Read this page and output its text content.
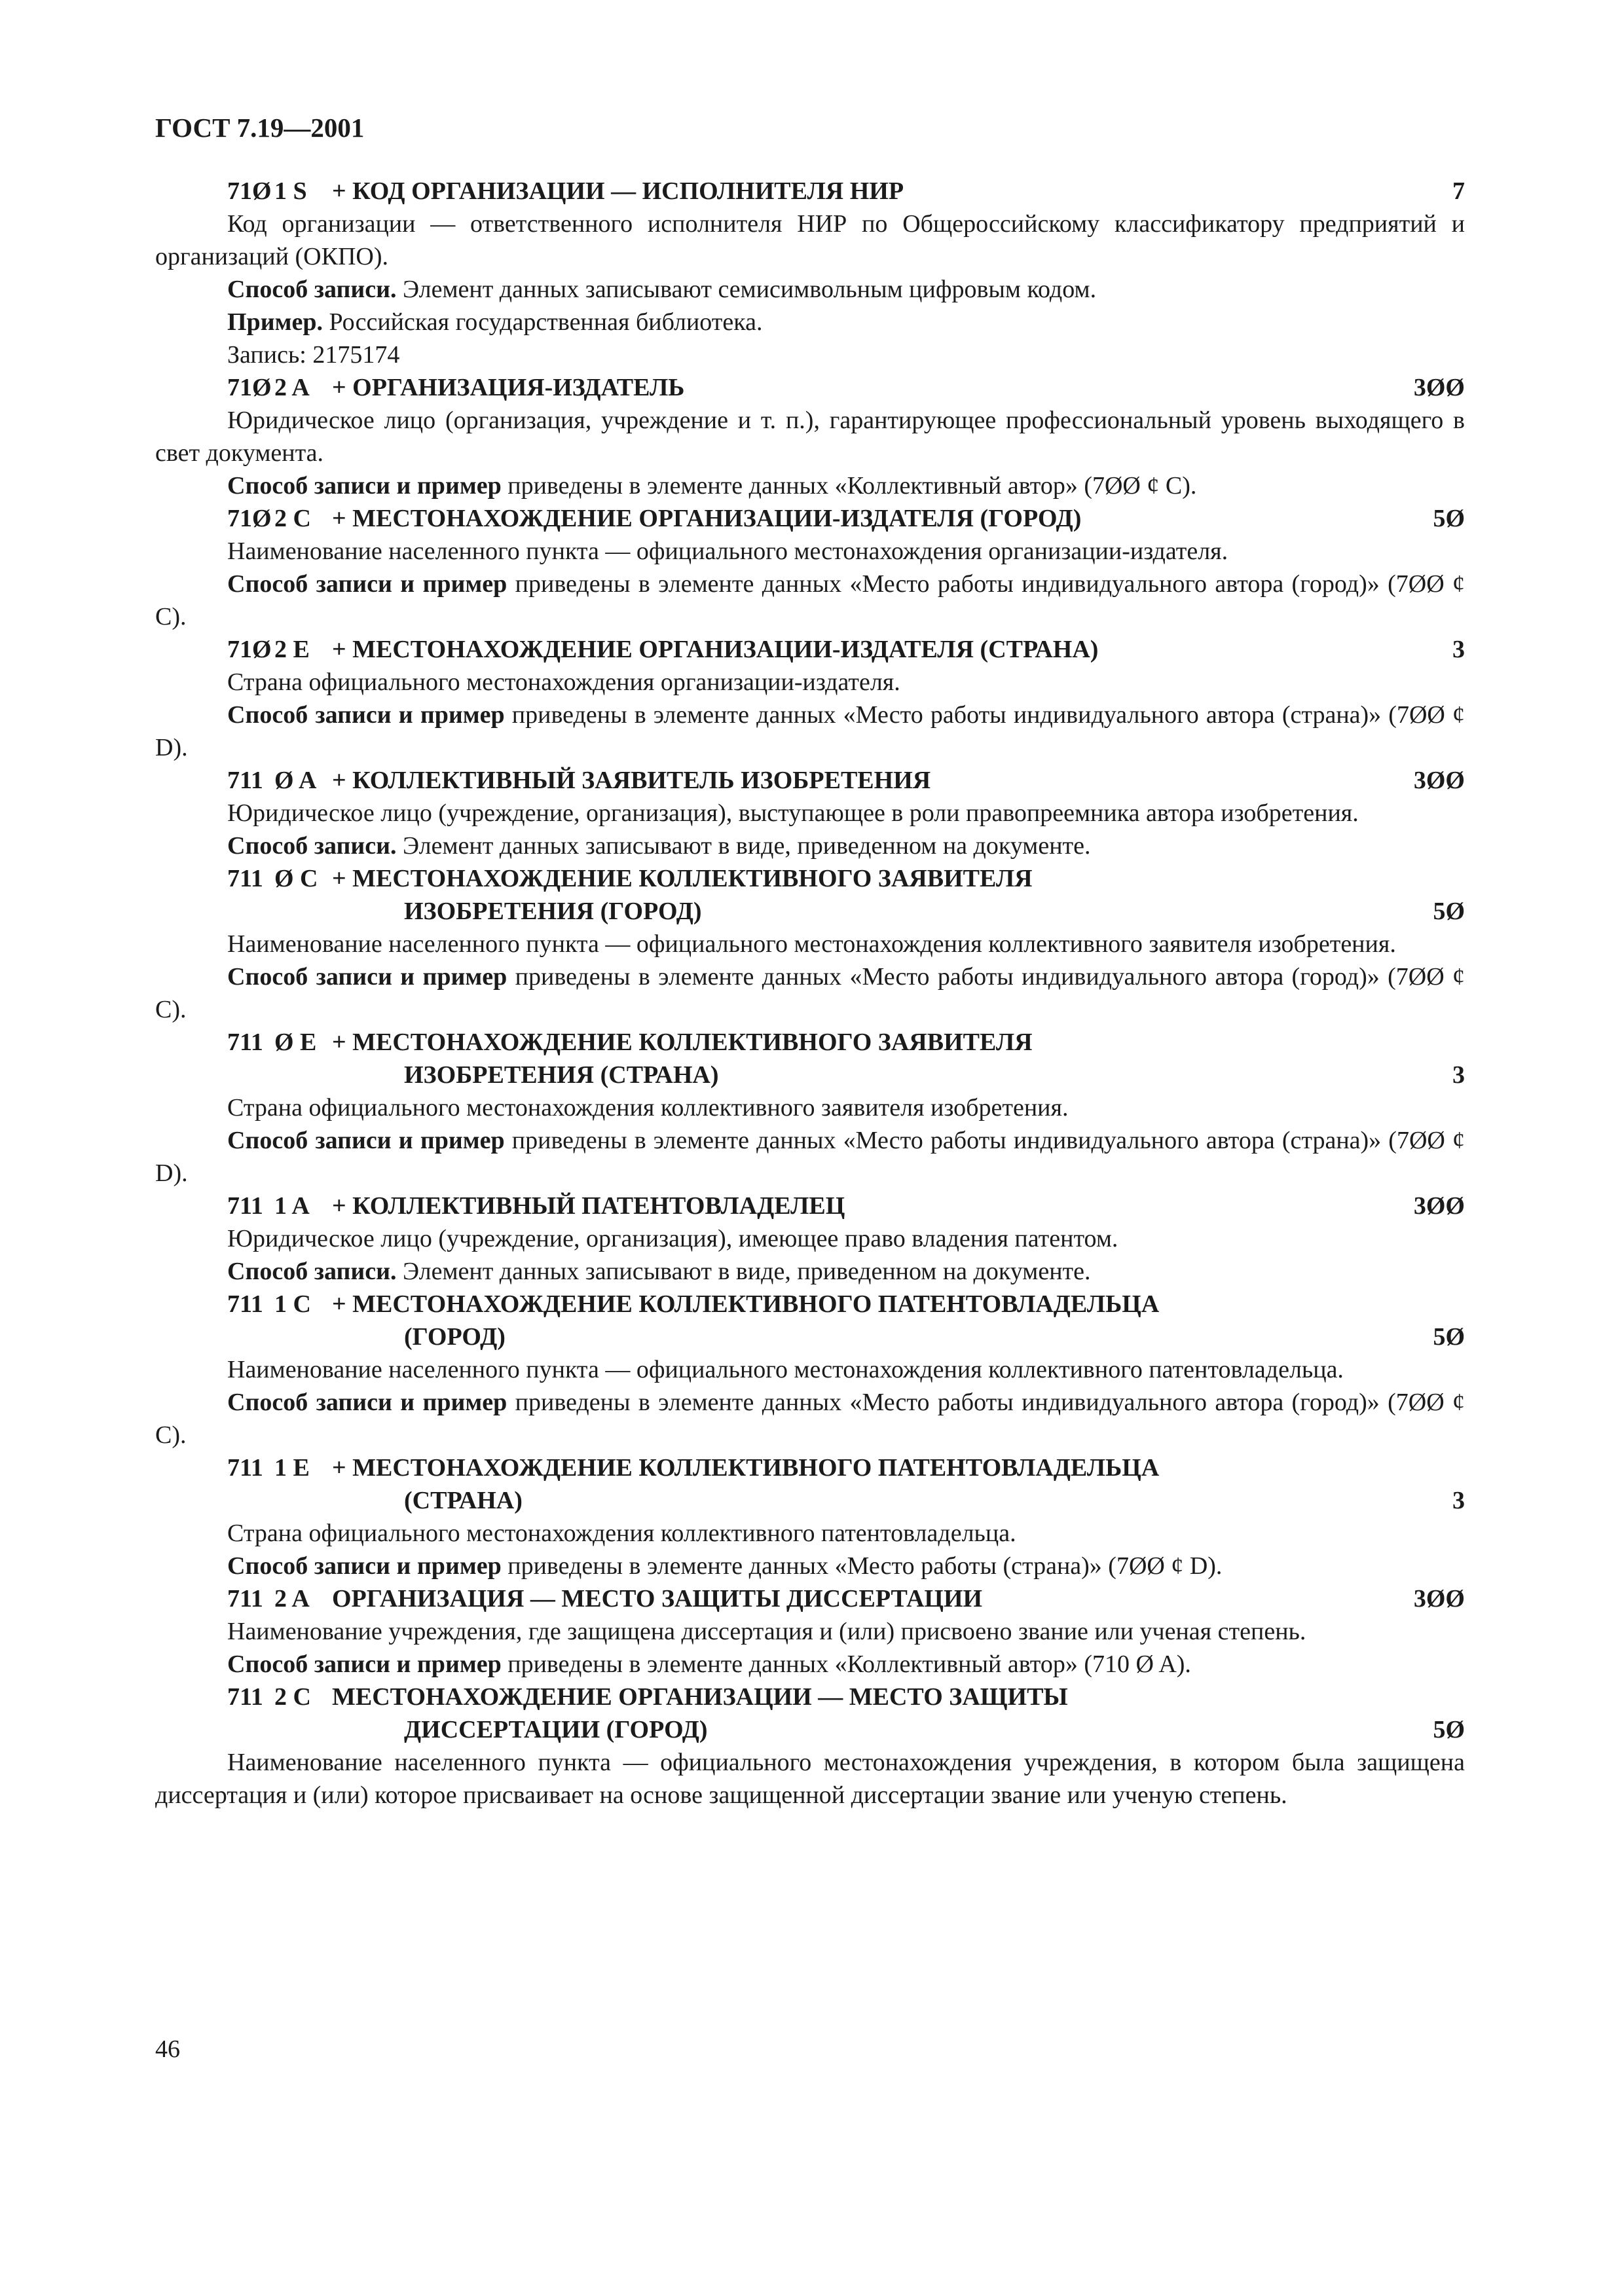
ГОСТ 7.19—2001
71Ø 1 S	+ КОД ОРГАНИЗАЦИИ — ИСПОЛНИТЕЛЯ НИР	7
Код организации — ответственного исполнителя НИР по Общероссийскому классификатору предприятий и организаций (ОКПО).
Способ записи. Элемент данных записывают семисимвольным цифровым кодом.
Пример. Российская государственная библиотека.
Запись: 2175174
71Ø 2 A + ОРГАНИЗАЦИЯ-ИЗДАТЕЛЬ	3ØØ
Юридическое лицо (организация, учреждение и т. п.), гарантирующее профессиональный уровень выходящего в свет документа.
Способ записи и пример приведены в элементе данных «Коллективный автор» (7ØØ ȼ C).
71Ø 2 C + МЕСТОНАХОЖДЕНИЕ ОРГАНИЗАЦИИ-ИЗДАТЕЛЯ (ГОРОД)	5Ø
Наименование населенного пункта — официального местонахождения организации-издателя.
Способ записи и пример приведены в элементе данных «Место работы индивидуального автора (город)» (7ØØ ȼ C).
71Ø 2 E + МЕСТОНАХОЖДЕНИЕ ОРГАНИЗАЦИИ-ИЗДАТЕЛЯ (СТРАНА)	3
Страна официального местонахождения организации-издателя.
Способ записи и пример приведены в элементе данных «Место работы индивидуального автора (страна)» (7ØØ ȼ D).
711 Ø A + КОЛЛЕКТИВНЫЙ ЗАЯВИТЕЛЬ ИЗОБРЕТЕНИЯ	3ØØ
Юридическое лицо (учреждение, организация), выступающее в роли правопреемника автора изобретения.
Способ записи. Элемент данных записывают в виде, приведенном на документе.
711 Ø C + МЕСТОНАХОЖДЕНИЕ КОЛЛЕКТИВНОГО ЗАЯВИТЕЛЯ
ИЗОБРЕТЕНИЯ (ГОРОД)	5Ø
Наименование населенного пункта — официального местонахождения коллективного заявителя изобретения.
Способ записи и пример приведены в элементе данных «Место работы индивидуального автора (город)» (7ØØ ȼ C).
711 Ø E + МЕСТОНАХОЖДЕНИЕ КОЛЛЕКТИВНОГО ЗАЯВИТЕЛЯ
ИЗОБРЕТЕНИЯ (СТРАНА)	3
Страна официального местонахождения коллективного заявителя изобретения.
Способ записи и пример приведены в элементе данных «Место работы индивидуального автора (страна)» (7ØØ ȼ D).
711 1 A + КОЛЛЕКТИВНЫЙ ПАТЕНТОВЛАДЕЛЕЦ	3ØØ
Юридическое лицо (учреждение, организация), имеющее право владения патентом.
Способ записи. Элемент данных записывают в виде, приведенном на документе.
711 1 C + МЕСТОНАХОЖДЕНИЕ КОЛЛЕКТИВНОГО ПАТЕНТОВЛАДЕЛЬЦА
(ГОРОД)	5Ø
Наименование населенного пункта — официального местонахождения коллективного патентовладельца.
Способ записи и пример приведены в элементе данных «Место работы индивидуального автора (город)» (7ØØ ȼ C).
711 1 E + МЕСТОНАХОЖДЕНИЕ КОЛЛЕКТИВНОГО ПАТЕНТОВЛАДЕЛЬЦА
(СТРАНА)	3
Страна официального местонахождения коллективного патентовладельца.
Способ записи и пример приведены в элементе данных «Место работы (страна)» (7ØØ ȼ D).
711 2 A ОРГАНИЗАЦИЯ — МЕСТО ЗАЩИТЫ ДИССЕРТАЦИИ	3ØØ
Наименование учреждения, где защищена диссертация и (или) присвоено звание или ученая степень.
Способ записи и пример приведены в элементе данных «Коллективный автор» (710 Ø A).
711 2 C МЕСТОНАХОЖДЕНИЕ ОРГАНИЗАЦИИ — МЕСТО ЗАЩИТЫ
ДИССЕРТАЦИИ (ГОРОД)	5Ø
Наименование населенного пункта — официального местонахождения учреждения, в котором была защищена диссертация и (или) которое присваивает на основе защищенной диссертации звание или ученую степень.
46
